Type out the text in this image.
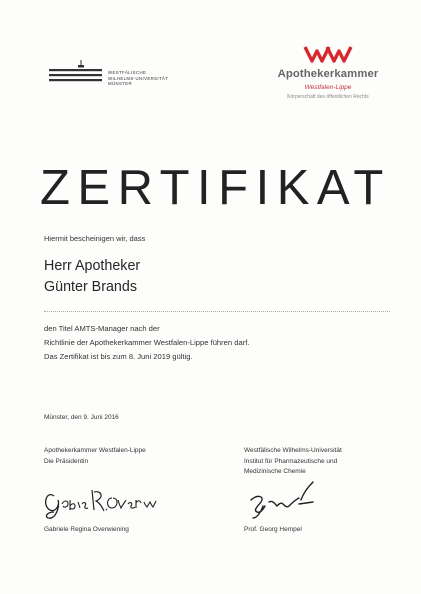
WESTFÄLISCHE
WILHELMS-UNIVERSITÄT
MÜNSTER
Apothekerkammer
Westfalen-Lippe
Körperschaft des öffentlichen Rechts
ZERTIFIKAT
Hiermit bescheinigen wir, dass
Herr Apotheker
Günter Brands
den Titel AMTS-Manager nach der
Richtlinie der Apothekerkammer Westfalen-Lippe führen darf.
Das Zertifikat ist bis zum 8. Juni 2019 gültig.
Münster, den 9. Juni 2016
Apothekerkammer Westfalen-Lippe
Die Präsidentin
Westfälische Wilhelms-Universität
Institut für Pharmazeutische und
Medizinische Chemie
Gabriele Regina Overwiening	Prof. Georg Hempel
